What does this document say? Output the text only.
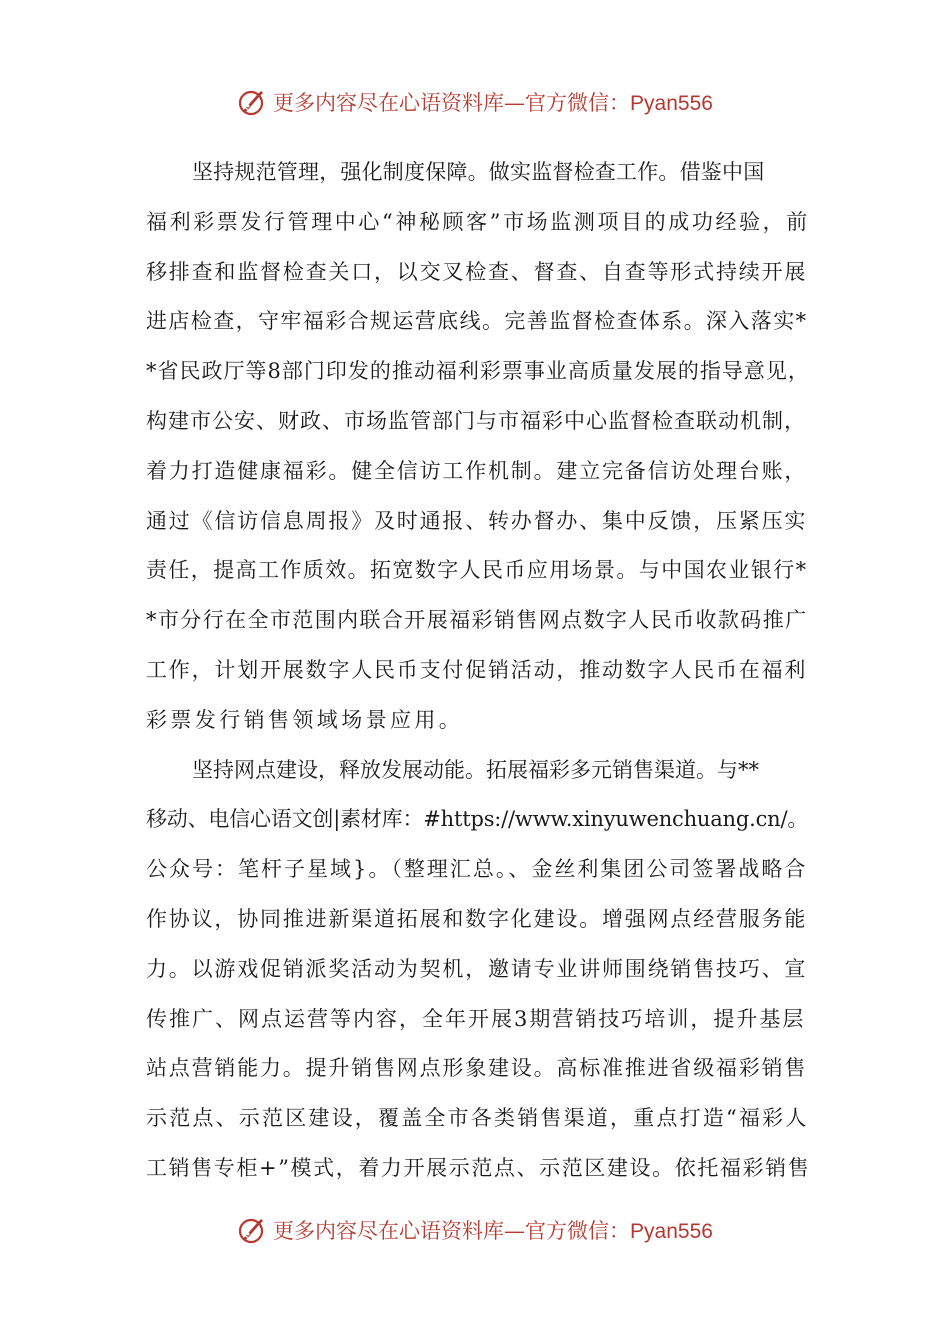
更多内容尽在心语资料库—官方微信：Pyan556

坚持规范管理，强化制度保障。做实监督检查工作。借鉴中国
福利彩票发行管理中心“神秘顾客”市场监测项目的成功经验，前
移排查和监督检查关口，以交叉检查、督查、自查等形式持续开展
进店检查，守牢福彩合规运营底线。完善监督检查体系。深入落实*
*省民政厅等8部门印发的推动福利彩票事业高质量发展的指导意见，
构建市公安、财政、市场监管部门与市福彩中心监督检查联动机制，
着力打造健康福彩。健全信访工作机制。建立完备信访处理台账，
通过《信访信息周报》及时通报、转办督办、集中反馈，压紧压实
责任，提高工作质效。拓宽数字人民币应用场景。与中国农业银行*
*市分行在全市范围内联合开展福彩销售网点数字人民币收款码推广
工作，计划开展数字人民币支付促销活动，推动数字人民币在福利
彩票发行销售领域场景应用。

坚持网点建设，释放发展动能。拓展福彩多元销售渠道。与**
移动、电信心语文创|素材库：#https://www.xinyuwenchuang.cn/。
公众号：笔杆子星域}。（整理汇总。、金丝利集团公司签署战略合
作协议，协同推进新渠道拓展和数字化建设。增强网点经营服务能
力。以游戏促销派奖活动为契机，邀请专业讲师围绕销售技巧、宣
传推广、网点运营等内容，全年开展3期营销技巧培训，提升基层
站点营销能力。提升销售网点形象建设。高标准推进省级福彩销售
示范点、示范区建设，覆盖全市各类销售渠道，重点打造“福彩人
工销售专柜+”模式，着力开展示范点、示范区建设。依托福彩销售

更多内容尽在心语资料库—官方微信：Pyan556
